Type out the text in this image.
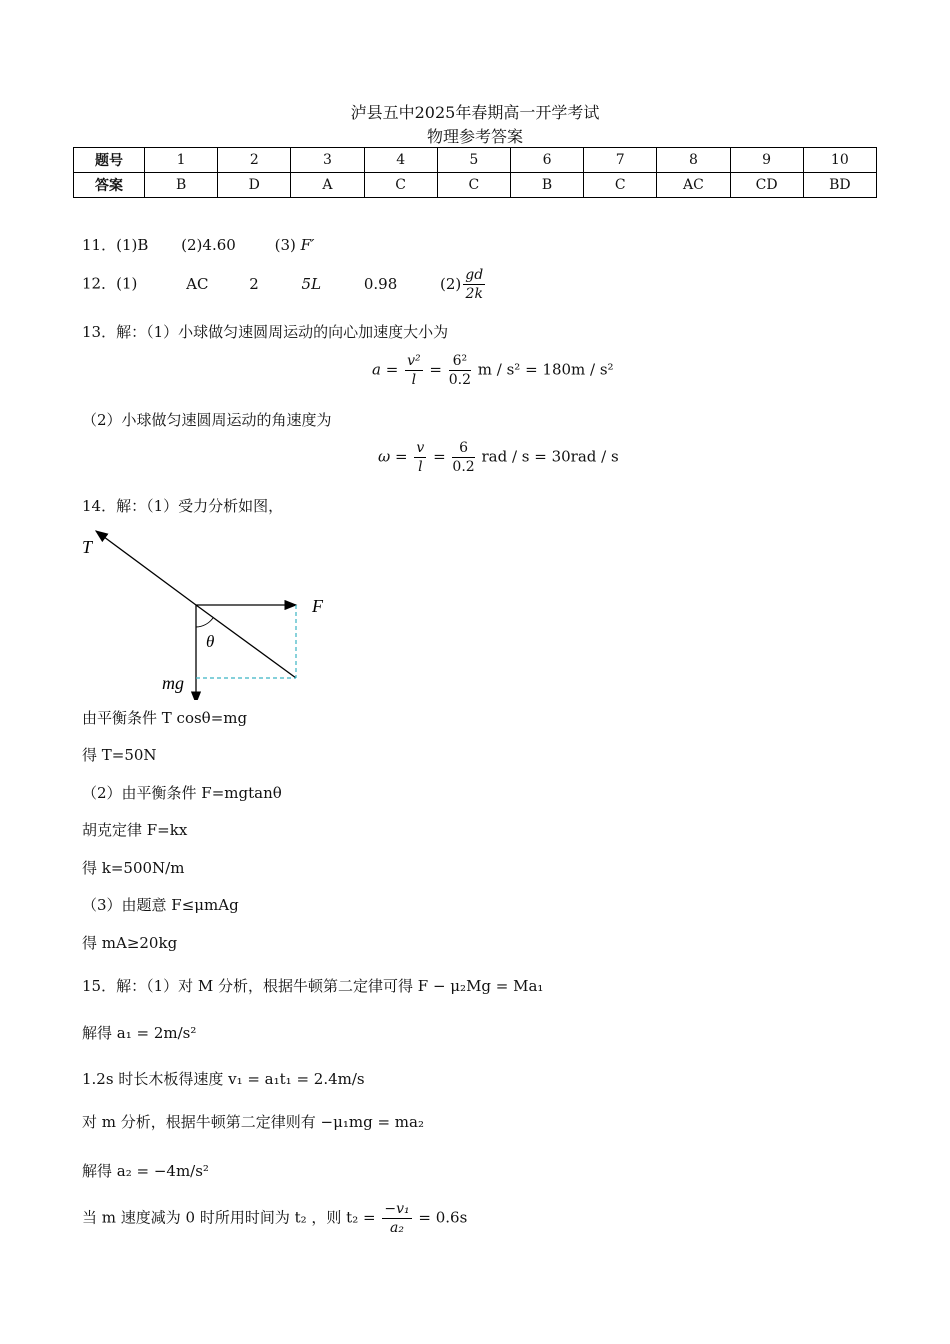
泸县五中2025年春期高一开学考试
物理参考答案
题号	1	2	3	4	5	6	7	8	9	10
答案	B	D	A	C	C	B	C	AC	CD	BD
11．(1)B (2)4.60	(3) F′
12．(1)	AC	2	5L	0.98	$(2) \frac{gd}{2k}$
13．解：（1）小球做匀速圆周运动的向心加速度大小为
$a = \frac{\text{v²}}{l} = \frac{\text{6²}}{0.2}$ m / s² = 180m / s²
（2）小球做匀速圆周运动的角速度为
$\omega = \frac{v}{l} = \frac{6}{0.2}$ rad / s = 30rad / s
14．解：（1）受力分析如图，
T
F
θ
mg
由平衡条件 T cosθ=mg
得 T=50N
（2）由平衡条件 F=mgtanθ
胡克定律 F=kx
得 k=500N/m
（3）由题意 F≤μmAg
得 mA≥20kg
15．解：（1）对 M 分析，根据牛顿第二定律可得 F − μ₂Mg = Ma₁
解得 a₁ = 2m/s²
1.2s 时长木板得速度 v₁ = a₁t₁ = 2.4m/s
对 m 分析，根据牛顿第二定律则有 −μ₁mg = ma₂
解得 a₂ = −4m/s²
当 m 速度减为 0 时所用时间为 t₂ ，则 $t_2 = \frac{\text{−v₁}}{\text{a₂}} = 0.6s$
